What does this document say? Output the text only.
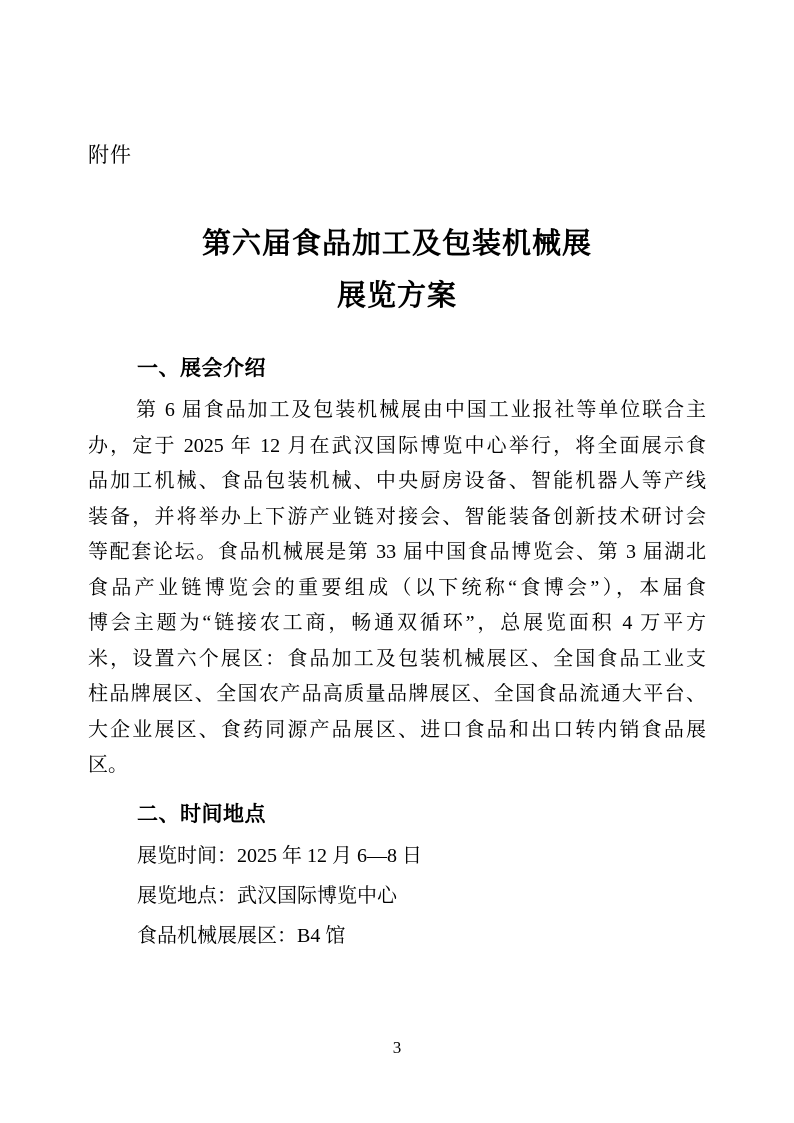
附件
第六届食品加工及包装机械展
展览方案
一、展会介绍
第 6 届食品加工及包装机械展由中国工业报社等单位联合主
办，定于 2025 年 12 月在武汉国际博览中心举行，将全面展示食
品加工机械、食品包装机械、中央厨房设备、智能机器人等产线
装备，并将举办上下游产业链对接会、智能装备创新技术研讨会
等配套论坛。食品机械展是第 33 届中国食品博览会、第 3 届湖北
食品产业链博览会的重要组成（以下统称“食博会”），本届食
博会主题为“链接农工商，畅通双循环”，总展览面积 4 万平方
米，设置六个展区：食品加工及包装机械展区、全国食品工业支
柱品牌展区、全国农产品高质量品牌展区、全国食品流通大平台、
大企业展区、食药同源产品展区、进口食品和出口转内销食品展
区。
二、时间地点
展览时间：2025 年 12 月 6—8 日
展览地点：武汉国际博览中心
食品机械展展区：B4 馆
3
